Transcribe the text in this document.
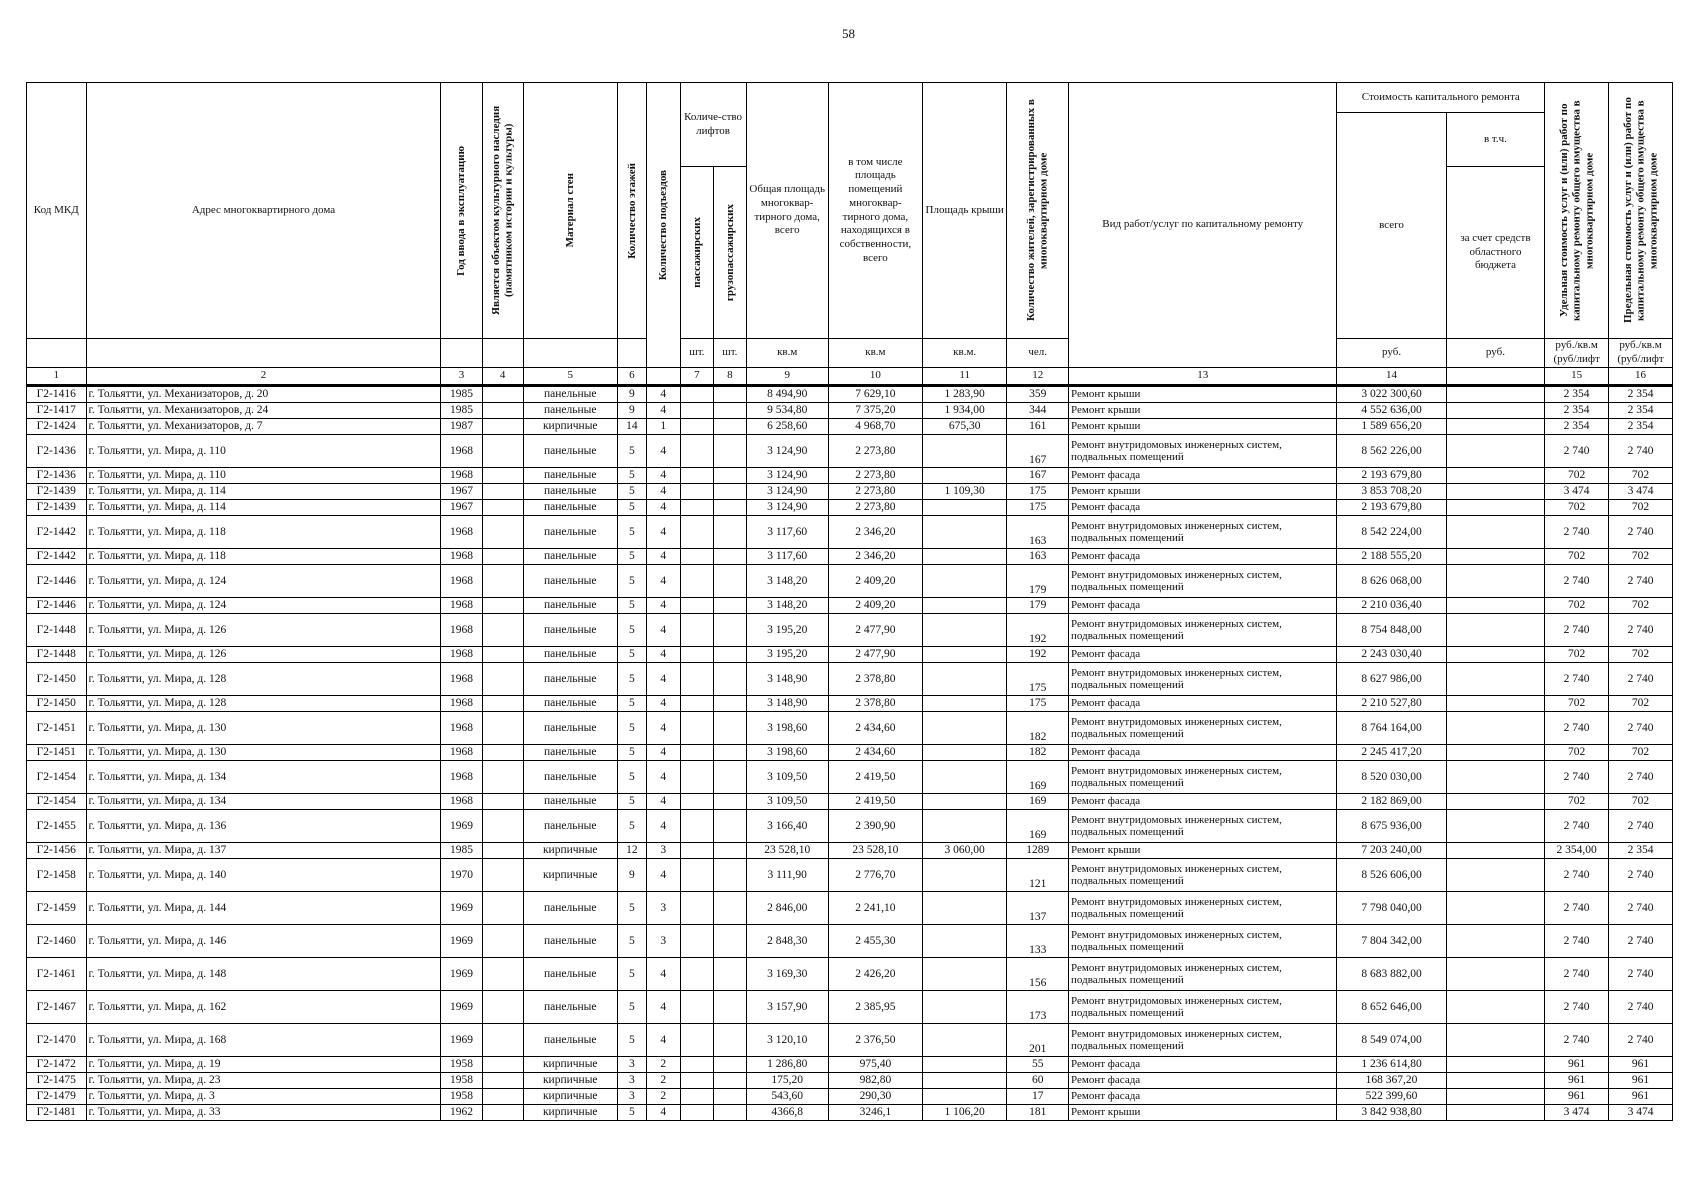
58
Код МКД	Адрес многоквартирного дома	Год ввода в эксплуатацию	Является объектом культурного наследия (памятником истории и культуры)	Материал стен	Количество этажей	Количество подъездов	Количе-ство лифтов		Общая площадь многоквар-тирного дома, всего	в том числе площадь помещений многоквар-тирного дома, находящихся в собственности, всего	Площадь крыши	Количество жителей, зарегистрированных в многоквартирном доме	Вид работ/услуг по капитальному ремонту	Стоимость капитального ремонта		Удельная стоимость услуг и (или) работ по капитальному ремонту общего имущества в многоквартирном доме	Предельная стоимость услуг и (или) работ по капитальному ремонту общего имущества в многоквартирном доме

														всего	в т.ч.		

							пассажирских	грузопассажирских							за счет средств областного бюджета		
							шт.	шт.	кв.м	кв.м	кв.м.	чел.		руб.	руб.	руб./кв.м (руб/лифт	руб./кв.м (руб/лифт
1	2	3	4	5	6		7	8	9	10	11	12	13	14		15	16
Г2-1416	г. Тольятти, ул. Механизаторов, д. 20	1985		панельные	9	4			8 494,90	7 629,10	1 283,90	359	Ремонт крыши	3 022 300,60		2 354	2 354
Г2-1417	г. Тольятти, ул. Механизаторов, д. 24	1985		панельные	9	4			9 534,80	7 375,20	1 934,00	344	Ремонт крыши	4 552 636,00		2 354	2 354
Г2-1424	г. Тольятти, ул. Механизаторов, д. 7	1987		кирпичные	14	1			6 258,60	4 968,70	675,30	161	Ремонт крыши	1 589 656,20		2 354	2 354
Г2-1436	г. Тольятти, ул. Мира, д. 110	1968		панельные	5	4			3 124,90	2 273,80		167	Ремонт внутридомовых инженерных систем, подвальных помещений	8 562 226,00		2 740	2 740
Г2-1436	г. Тольятти, ул. Мира, д. 110	1968		панельные	5	4			3 124,90	2 273,80		167	Ремонт фасада	2 193 679,80		702	702
Г2-1439	г. Тольятти, ул. Мира, д. 114	1967		панельные	5	4			3 124,90	2 273,80	1 109,30	175	Ремонт крыши	3 853 708,20		3 474	3 474
Г2-1439	г. Тольятти, ул. Мира, д. 114	1967		панельные	5	4			3 124,90	2 273,80		175	Ремонт фасада	2 193 679,80		702	702
Г2-1442	г. Тольятти, ул. Мира, д. 118	1968		панельные	5	4			3 117,60	2 346,20		163	Ремонт внутридомовых инженерных систем, подвальных помещений	8 542 224,00		2 740	2 740
Г2-1442	г. Тольятти, ул. Мира, д. 118	1968		панельные	5	4			3 117,60	2 346,20		163	Ремонт фасада	2 188 555,20		702	702
Г2-1446	г. Тольятти, ул. Мира, д. 124	1968		панельные	5	4			3 148,20	2 409,20		179	Ремонт внутридомовых инженерных систем, подвальных помещений	8 626 068,00		2 740	2 740
Г2-1446	г. Тольятти, ул. Мира, д. 124	1968		панельные	5	4			3 148,20	2 409,20		179	Ремонт фасада	2 210 036,40		702	702
Г2-1448	г. Тольятти, ул. Мира, д. 126	1968		панельные	5	4			3 195,20	2 477,90		192	Ремонт внутридомовых инженерных систем, подвальных помещений	8 754 848,00		2 740	2 740
Г2-1448	г. Тольятти, ул. Мира, д. 126	1968		панельные	5	4			3 195,20	2 477,90		192	Ремонт фасада	2 243 030,40		702	702
Г2-1450	г. Тольятти, ул. Мира, д. 128	1968		панельные	5	4			3 148,90	2 378,80		175	Ремонт внутридомовых инженерных систем, подвальных помещений	8 627 986,00		2 740	2 740
Г2-1450	г. Тольятти, ул. Мира, д. 128	1968		панельные	5	4			3 148,90	2 378,80		175	Ремонт фасада	2 210 527,80		702	702
Г2-1451	г. Тольятти, ул. Мира, д. 130	1968		панельные	5	4			3 198,60	2 434,60		182	Ремонт внутридомовых инженерных систем, подвальных помещений	8 764 164,00		2 740	2 740
Г2-1451	г. Тольятти, ул. Мира, д. 130	1968		панельные	5	4			3 198,60	2 434,60		182	Ремонт фасада	2 245 417,20		702	702
Г2-1454	г. Тольятти, ул. Мира, д. 134	1968		панельные	5	4			3 109,50	2 419,50		169	Ремонт внутридомовых инженерных систем, подвальных помещений	8 520 030,00		2 740	2 740
Г2-1454	г. Тольятти, ул. Мира, д. 134	1968		панельные	5	4			3 109,50	2 419,50		169	Ремонт фасада	2 182 869,00		702	702
Г2-1455	г. Тольятти, ул. Мира, д. 136	1969		панельные	5	4			3 166,40	2 390,90		169	Ремонт внутридомовых инженерных систем, подвальных помещений	8 675 936,00		2 740	2 740
Г2-1456	г. Тольятти, ул. Мира, д. 137	1985		кирпичные	12	3			23 528,10	23 528,10	3 060,00	1289	Ремонт крыши	7 203 240,00		2 354,00	2 354
Г2-1458	г. Тольятти, ул. Мира, д. 140	1970		кирпичные	9	4			3 111,90	2 776,70		121	Ремонт внутридомовых инженерных систем, подвальных помещений	8 526 606,00		2 740	2 740
Г2-1459	г. Тольятти, ул. Мира, д. 144	1969		панельные	5	3			2 846,00	2 241,10		137	Ремонт внутридомовых инженерных систем, подвальных помещений	7 798 040,00		2 740	2 740
Г2-1460	г. Тольятти, ул. Мира, д. 146	1969		панельные	5	3			2 848,30	2 455,30		133	Ремонт внутридомовых инженерных систем, подвальных помещений	7 804 342,00		2 740	2 740
Г2-1461	г. Тольятти, ул. Мира, д. 148	1969		панельные	5	4			3 169,30	2 426,20		156	Ремонт внутридомовых инженерных систем, подвальных помещений	8 683 882,00		2 740	2 740
Г2-1467	г. Тольятти, ул. Мира, д. 162	1969		панельные	5	4			3 157,90	2 385,95		173	Ремонт внутридомовых инженерных систем, подвальных помещений	8 652 646,00		2 740	2 740
Г2-1470	г. Тольятти, ул. Мира, д. 168	1969		панельные	5	4			3 120,10	2 376,50		201	Ремонт внутридомовых инженерных систем, подвальных помещений	8 549 074,00		2 740	2 740
Г2-1472	г. Тольятти, ул. Мира, д. 19	1958		кирпичные	3	2			1 286,80	975,40		55	Ремонт фасада	1 236 614,80		961	961
Г2-1475	г. Тольятти, ул. Мира, д. 23	1958		кирпичные	3	2			175,20	982,80		60	Ремонт фасада	168 367,20		961	961
Г2-1479	г. Тольятти, ул. Мира, д. 3	1958		кирпичные	3	2			543,60	290,30		17	Ремонт фасада	522 399,60		961	961
Г2-1481	г. Тольятти, ул. Мира, д. 33	1962		кирпичные	5	4			4366,8	3246,1	1 106,20	181	Ремонт крыши	3 842 938,80		3 474	3 474
